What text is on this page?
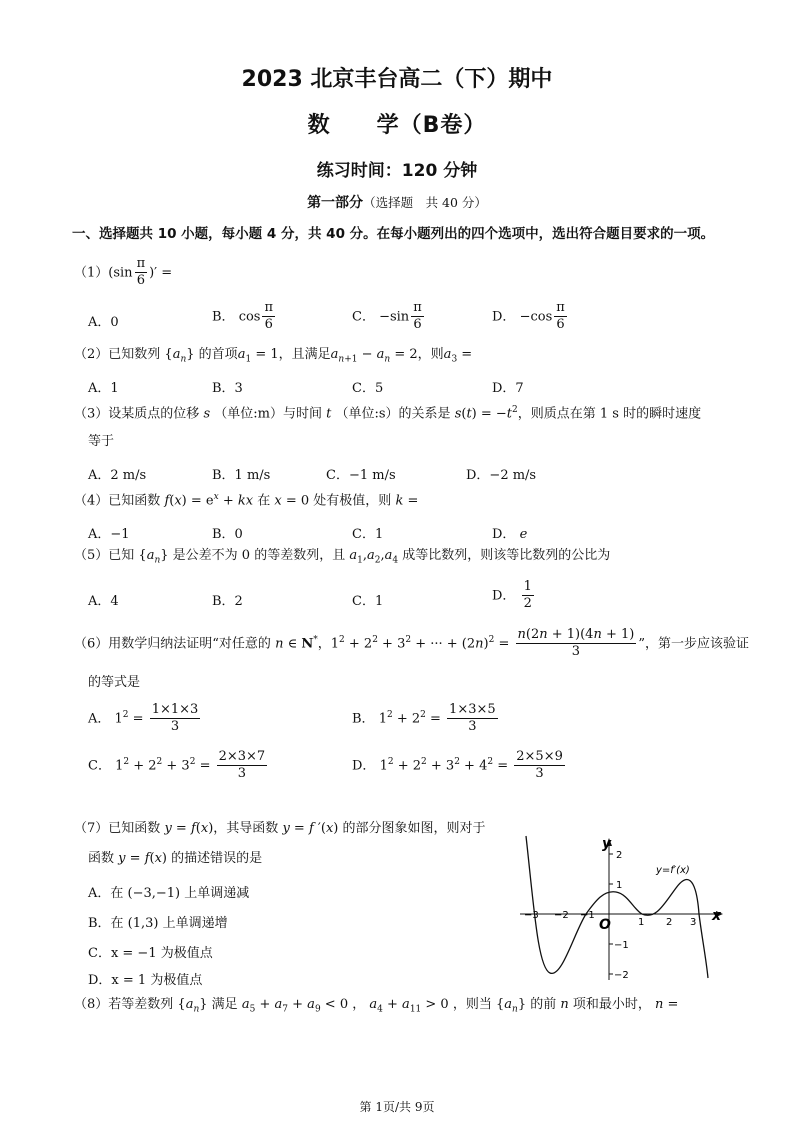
2023 北京丰台高二（下）期中
数　　学（B卷）
练习时间：120 分钟
第一部分（选择题　共 40 分）
一、选择题共 10 小题，每小题 4 分，共 40 分。在每小题列出的四个选项中，选出符合题目要求的一项。
$(1)(\sin \frac{\pi}{6}$ )′ =
A．0	B． $\cos \frac{\pi}{6}$	C． $-\sin \frac{\pi}{6}$	D． $-\cos \frac{\pi}{6}$
（2）已知数列 $\{a_n\}$ 的首项$a_1 = 1$，且满足$a_{n+1} - a_n = 2$，则$a_3$ =
A．1	B．3	C．5	D．7
（3）设某质点的位移 s （单位:m）与时间 t （单位:s）的关系是 $s(t) = -t^2$，则质点在第 1 s 时的瞬时速度
等于
A．2 m/s	B．1 m/s	C．−1 m/s	D．−2 m/s
（4）已知函数 $f(x) = e^x$ + kx 在 x = 0 处有极值，则 k =
A．−1	B．0	C．1	D． e
（5）已知 $\{a_n\}$ 是公差不为 0 的等差数列，且 $a_1,a_2,a_4$ 成等比数列，则该等比数列的公比为
A．4	B．2	C．1	D． $\frac{1}{2}$
（6）用数学归纳法证明“对任意的 n ∈ N*，$1^2 + 2^2 + 3^2$ + ··· + $(2n)^2 = \frac{n(2n + 1)(4n + 1)}{3}$ ”，第一步应该验证
的等式是
A． $1^2 = \frac{1\times 1\times 3}{3}$	B． $1^2 + 2^2 = \frac{1\times 3\times 5}{3}$
C． $1^2 + 2^2 + 3^2 = \frac{2\times 3\times 7}{3}$	D． $1^2 + 2^2 + 3^2 + 4^2 = \frac{2\times 5\times 9}{3}$
（7）已知函数 y = f(x)，其导函数 y = f ′(x) 的部分图象如图，则对于
函数 y = f(x) 的描述错误的是
A．在 (−3,−1) 上单调递减
B．在 (1,3) 上单调递增
C．x = −1 为极值点
D．x = 1 为极值点
y
x
O
y=f′(x)
−3 −2 −1
1 2 3
2
1
−1
−2
（8）若等差数列 $\{a_n\}$ 满足 $a_5 + a_7 + a_9 < 0$ ， $a_4 + a_{11} > 0$ ，则当 $\{a_n\}$ 的前 n 项和最小时， n =
第 1页/共 9页
